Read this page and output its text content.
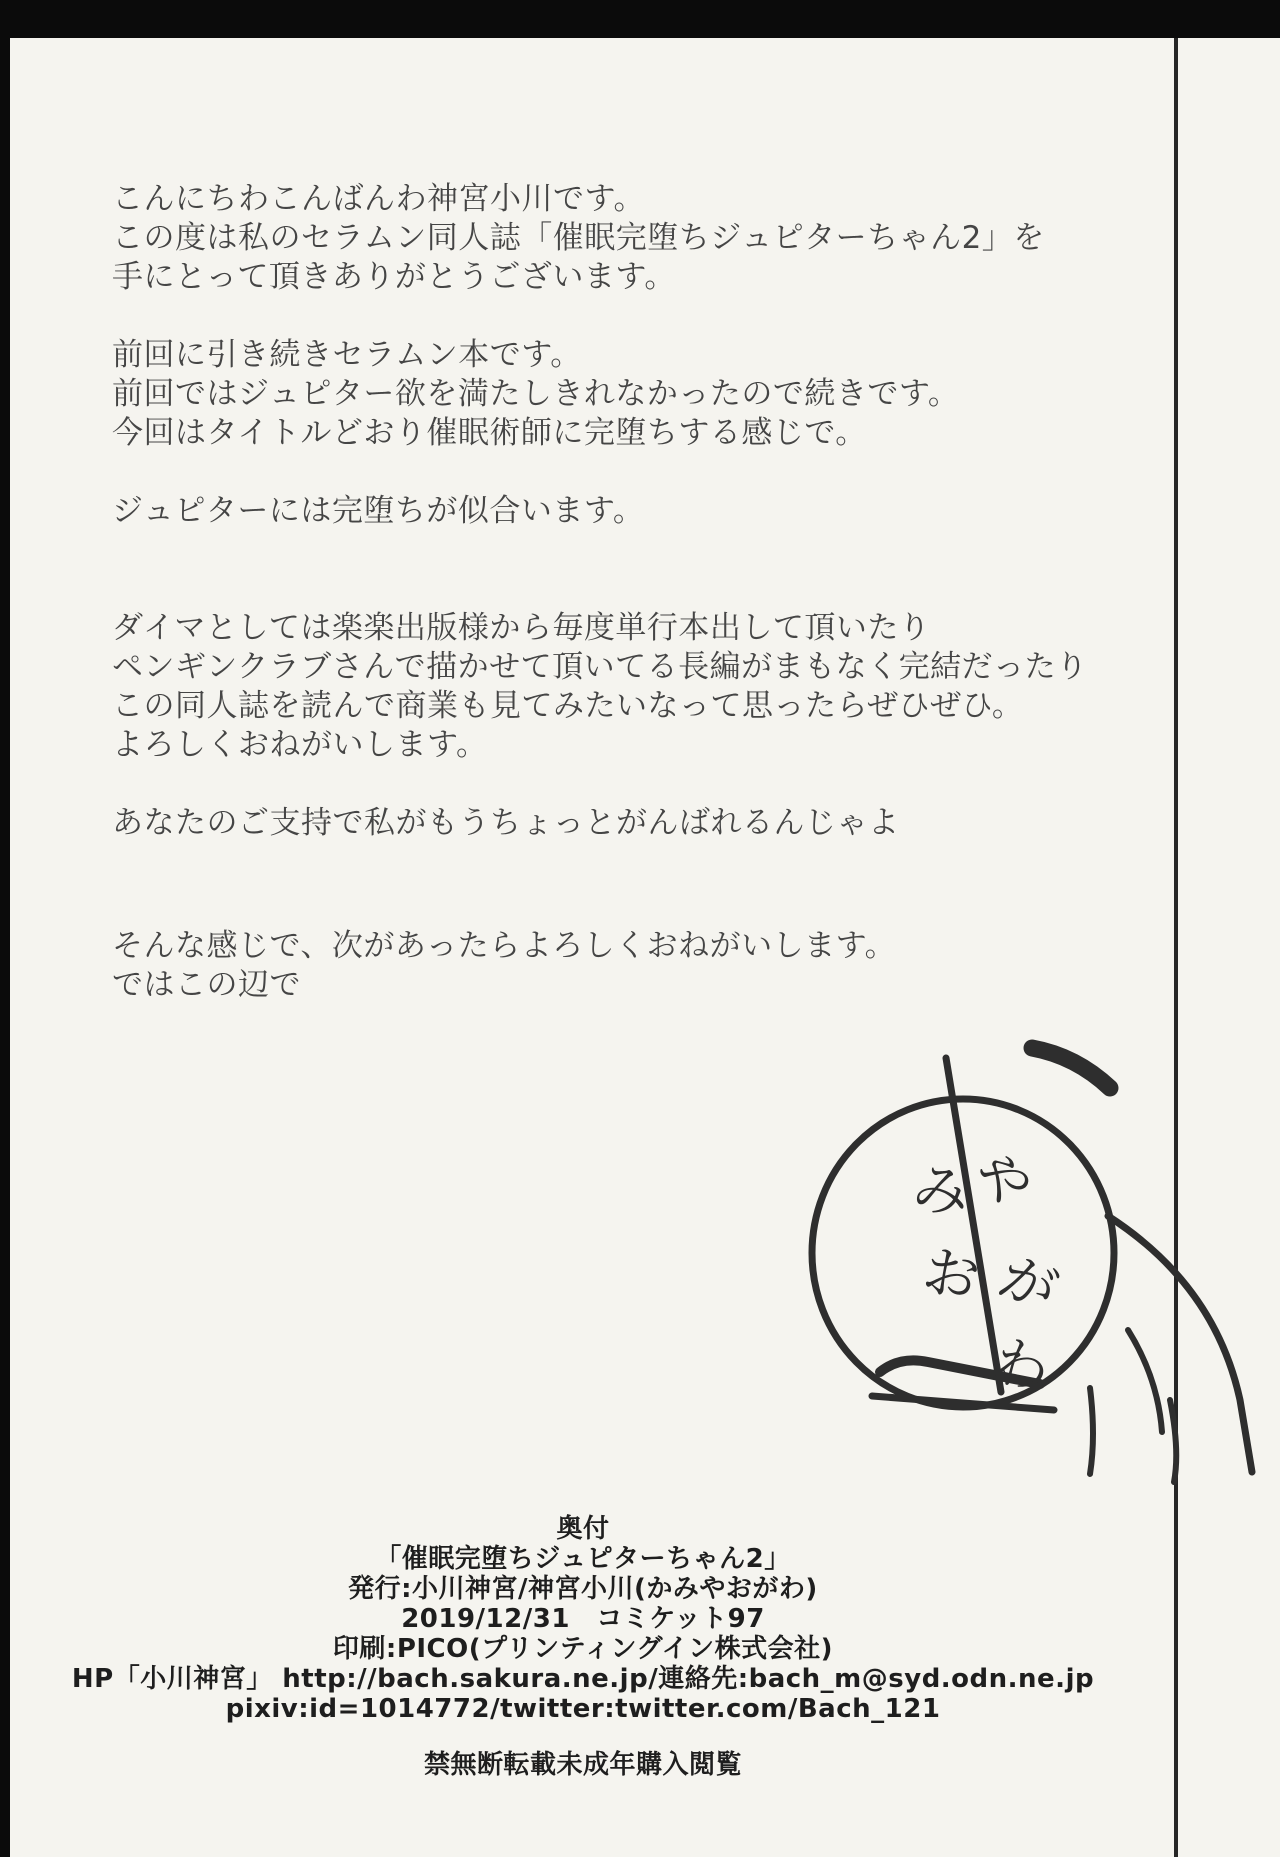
こんにちわこんばんわ神宮小川です。
この度は私のセラムン同人誌「催眠完堕ちジュピターちゃん2」を
手にとって頂きありがとうございます。
前回に引き続きセラムン本です。
前回ではジュピター欲を満たしきれなかったので続きです。
今回はタイトルどおり催眠術師に完堕ちする感じで。
ジュピターには完堕ちが似合います。
ダイマとしては楽楽出版様から毎度単行本出して頂いたり
ペンギンクラブさんで描かせて頂いてる長編がまもなく完結だったり
この同人誌を読んで商業も見てみたいなって思ったらぜひぜひ。
よろしくおねがいします。
あなたのご支持で私がもうちょっとがんばれるんじゃよ
そんな感じで、次があったらよろしくおねがいします。
ではこの辺で
み
や
お が
わ
奥付
「催眠完堕ちジュピターちゃん2」
発行:小川神宮/神宮小川(かみやおがわ)
2019/12/31　コミケット97
印刷:PICO(プリンティングイン株式会社)
HP「小川神宮」 http://bach.sakura.ne.jp/連絡先:bach_m@syd.odn.ne.jp
pixiv:id=1014772/twitter:twitter.com/Bach_121
禁無断転載未成年購入閲覧
